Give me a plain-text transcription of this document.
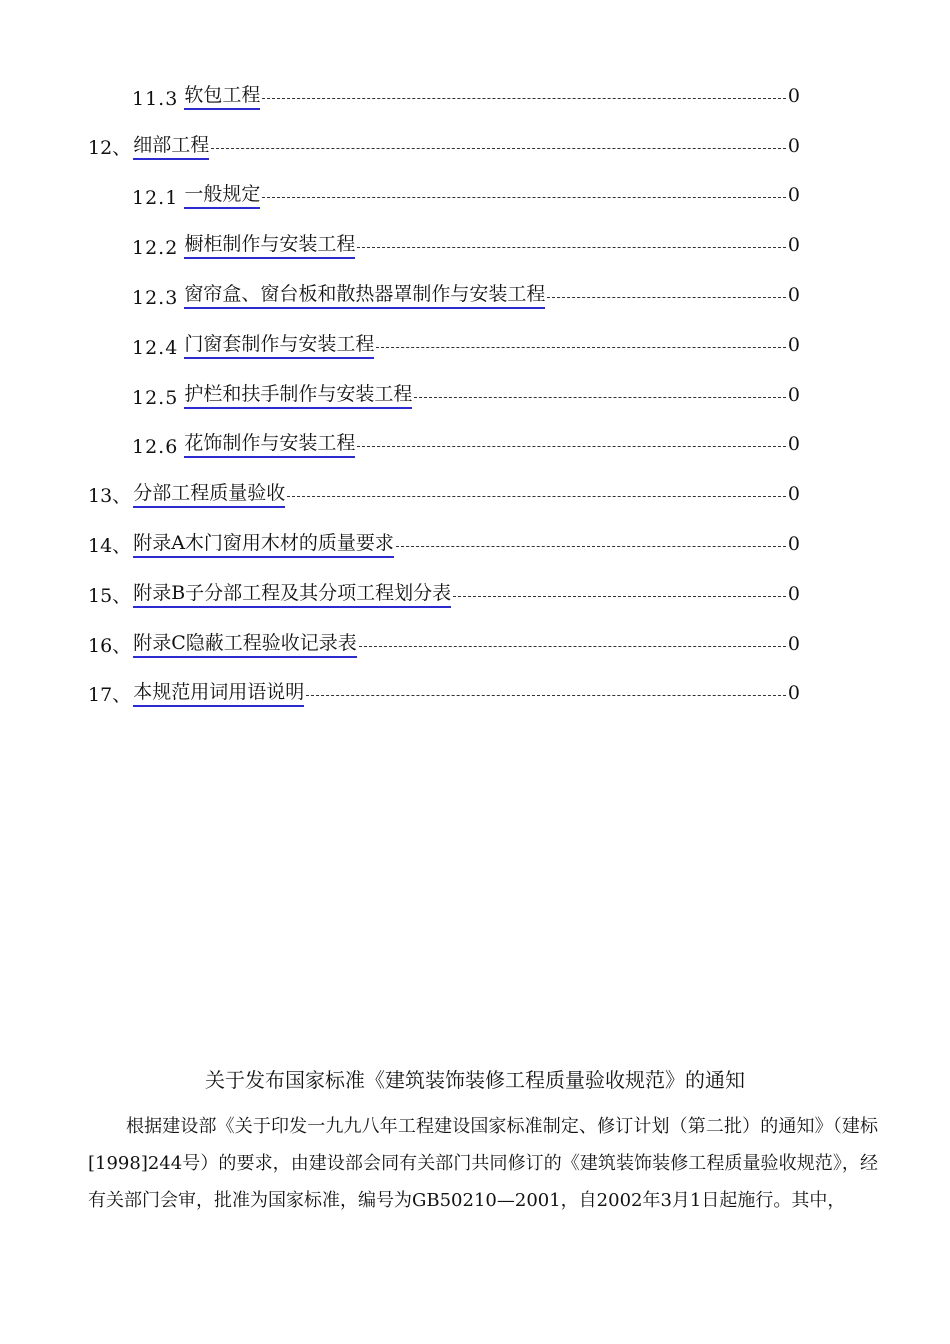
11.3 软包工程	0
12、 细部工程	0
12.1 一般规定	0
12.2 橱柜制作与安装工程	0
12.3 窗帘盒、窗台板和散热器罩制作与安装工程	0
12.4 门窗套制作与安装工程	0
12.5 护栏和扶手制作与安装工程	0
12.6 花饰制作与安装工程	0
13、 分部工程质量验收	0
14、 附录A木门窗用木材的质量要求	0
15、 附录B子分部工程及其分项工程划分表	0
16、 附录C隐蔽工程验收记录表	0
17、 本规范用词用语说明	0
关于发布国家标准《建筑装饰装修工程质量验收规范》的通知

根据建设部《关于印发一九九八年工程建设国家标准制定、修订计划（第二批）的通知》（建标[1998]244号）的要求，由建设部会同有关部门共同修订的《建筑装饰装修工程质量验收规范》，经有关部门会审，批准为国家标准，编号为GB50210—2001，自2002年3月1日起施行。其中，
